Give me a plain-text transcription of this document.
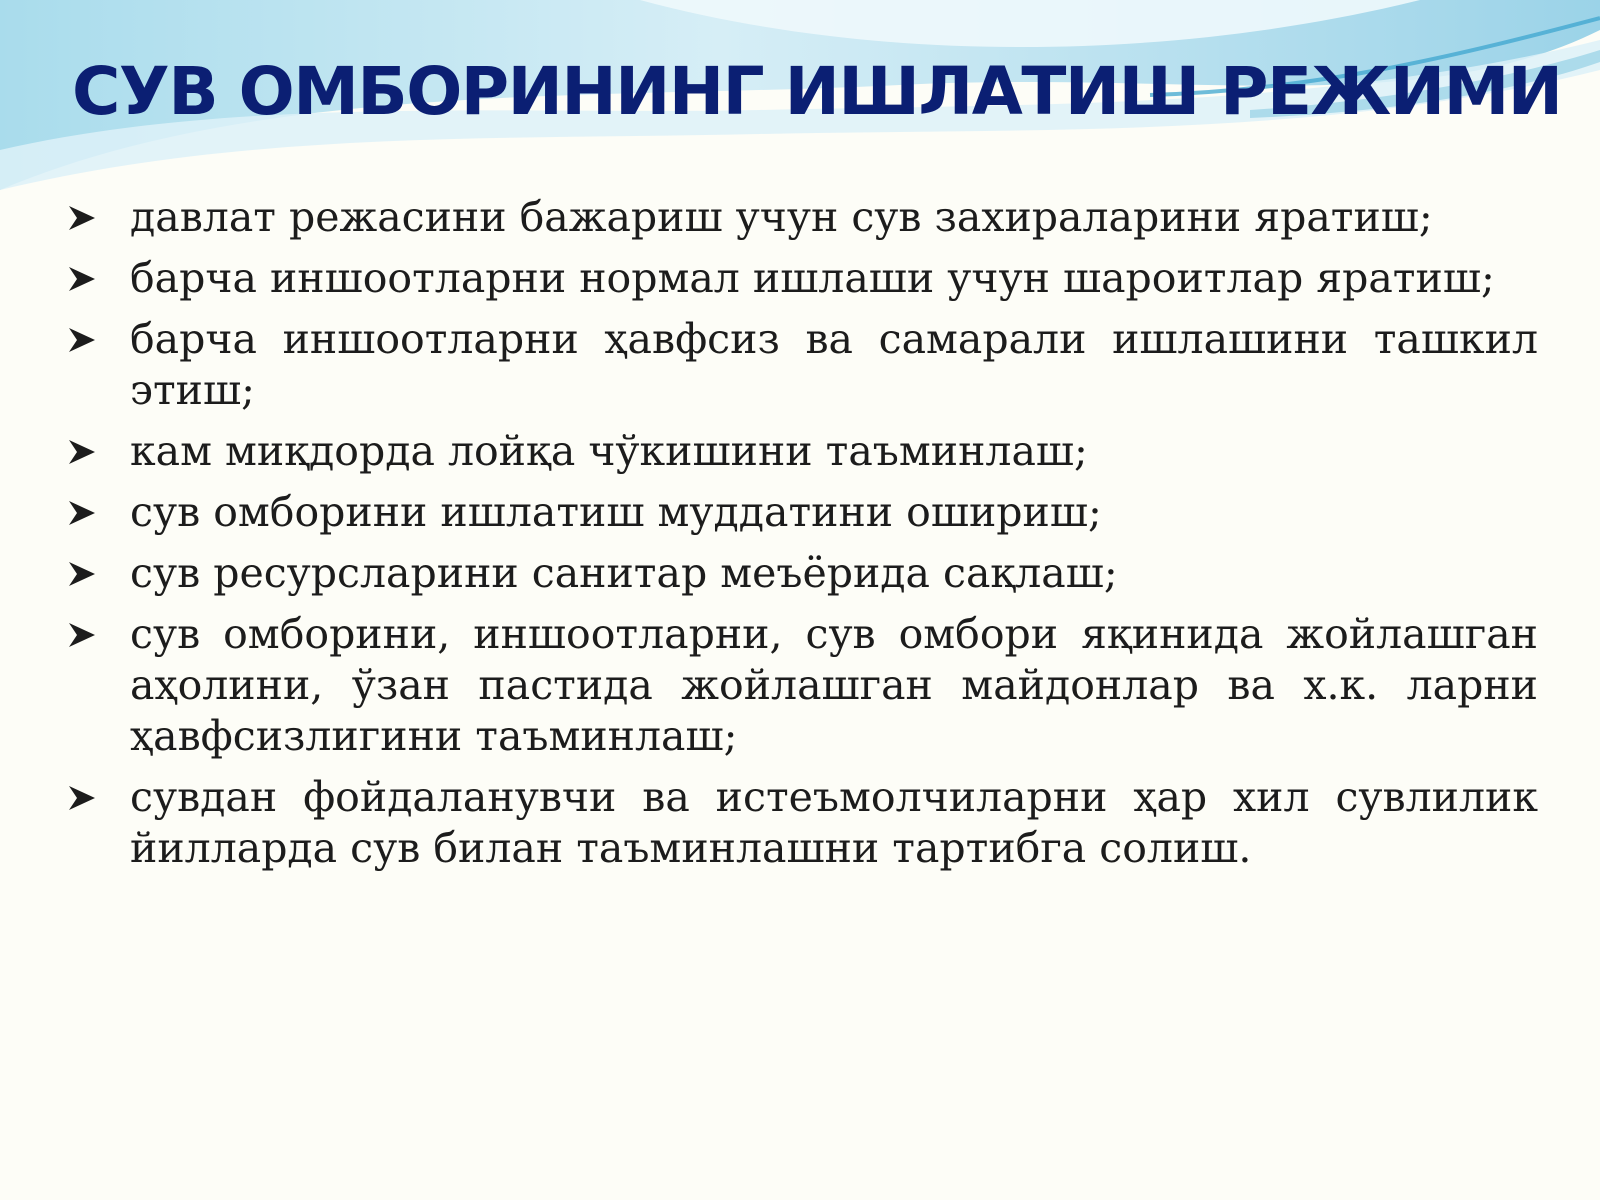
СУВ ОМБОРИНИНГ ИШЛАТИШ РЕЖИМИ
давлат режасини бажариш учун сув захираларини яратиш;
барча иншоотларни нормал ишлаши учун шароитлар яратиш;
барча иншоотларни ҳавфсиз ва самарали ишлашини ташкил этиш;
кам миқдорда лойқа чўкишини таъминлаш;
сув омборини ишлатиш муддатини ошириш;
сув ресурсларини санитар меъёрида сақлаш;
сув омборини, иншоотларни, сув омбори яқинида жойлашган аҳолини, ўзан пастида жойлашган майдонлар ва х.к. ларни ҳавфсизлигини таъминлаш;
сувдан фойдаланувчи ва истеъмолчиларни ҳар хил сувлилик йилларда сув билан таъминлашни тартибга солиш.
